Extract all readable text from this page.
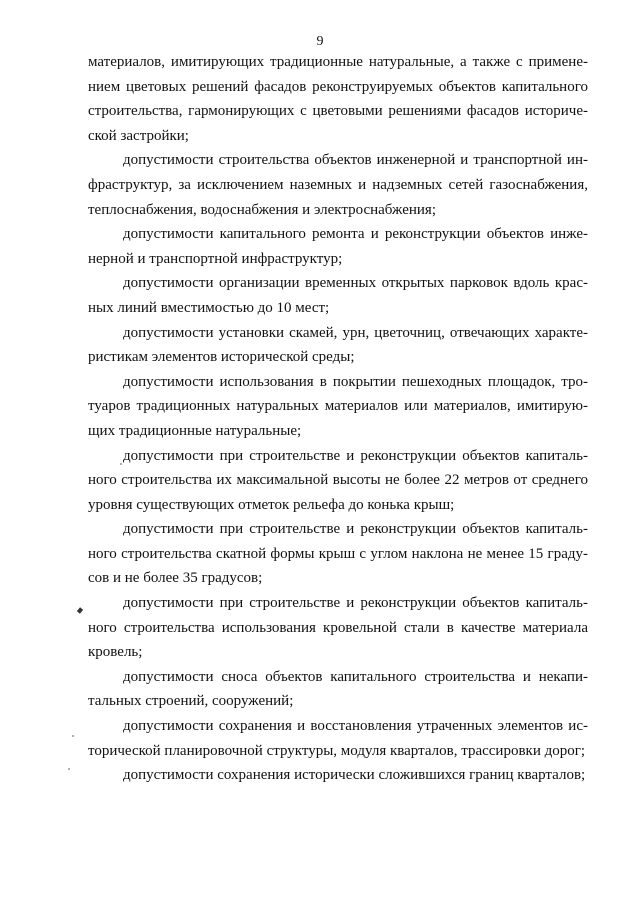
9
материалов, имитирующих традиционные натуральные, а также с примене-
нием цветовых решений фасадов реконструируемых объектов капитального
строительства, гармонирующих с цветовыми решениями фасадов историче-
ской застройки;
допустимости строительства объектов инженерной и транспортной ин-
фраструктур, за исключением наземных и надземных сетей газоснабжения,
теплоснабжения, водоснабжения и электроснабжения;
допустимости капитального ремонта и реконструкции объектов инже-
нерной и транспортной инфраструктур;
допустимости организации временных открытых парковок вдоль крас-
ных линий вместимостью до 10 мест;
допустимости установки скамей, урн, цветочниц, отвечающих характе-
ристикам элементов исторической среды;
допустимости использования в покрытии пешеходных площадок, тро-
туаров традиционных натуральных материалов или материалов, имитирую-
щих традиционные натуральные;
допустимости при строительстве и реконструкции объектов капиталь-
ного строительства их максимальной высоты не более 22 метров от среднего
уровня существующих отметок рельефа до конька крыш;
допустимости при строительстве и реконструкции объектов капиталь-
ного строительства скатной формы крыш с углом наклона не менее 15 граду-
сов и не более 35 градусов;
допустимости при строительстве и реконструкции объектов капиталь-
ного строительства использования кровельной стали в качестве материала
кровель;
допустимости сноса объектов капитального строительства и некапи-
тальных строений, сооружений;
допустимости сохранения и восстановления утраченных элементов ис-
торической планировочной структуры, модуля кварталов, трассировки дорог;
допустимости сохранения исторически сложившихся границ кварталов;
